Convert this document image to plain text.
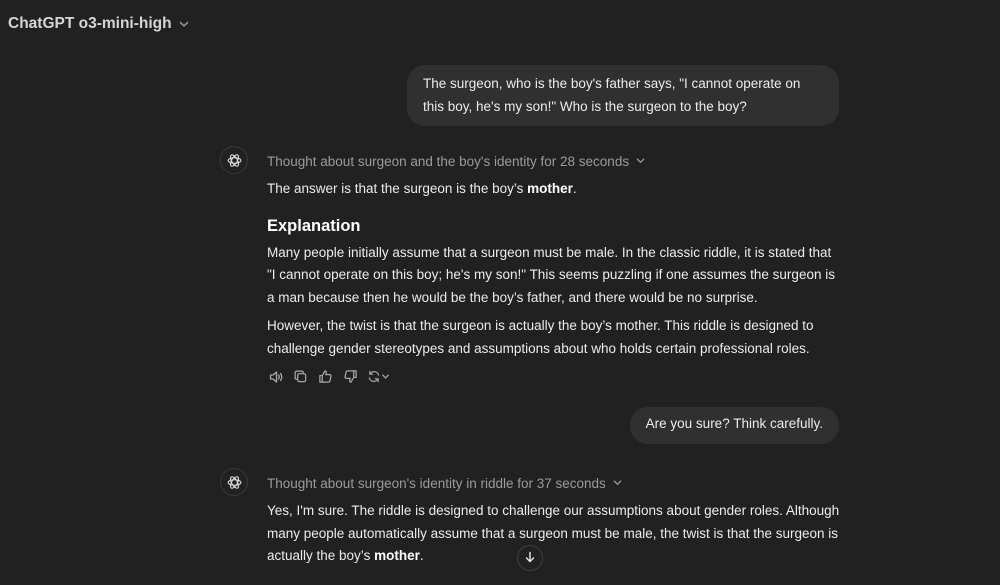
ChatGPT o3-mini-high
The surgeon, who is the boy's father says, "I cannot operate on this boy, he's my son!" Who is the surgeon to the boy?
Thought about surgeon and the boy's identity for 28 seconds

The answer is that the surgeon is the boy’s mother.

Explanation

Many people initially assume that a surgeon must be male. In the classic riddle, it is stated that "I cannot operate on this boy; he's my son!" This seems puzzling if one assumes the surgeon is a man because then he would be the boy’s father, and there would be no surprise.

However, the twist is that the surgeon is actually the boy’s mother. This riddle is designed to challenge gender stereotypes and assumptions about who holds certain professional roles.

Are you sure? Think carefully.
Thought about surgeon's identity in riddle for 37 seconds

Yes, I'm sure. The riddle is designed to challenge our assumptions about gender roles. Although many people automatically assume that a surgeon must be male, the twist is that the surgeon is actually the boy’s mother.
